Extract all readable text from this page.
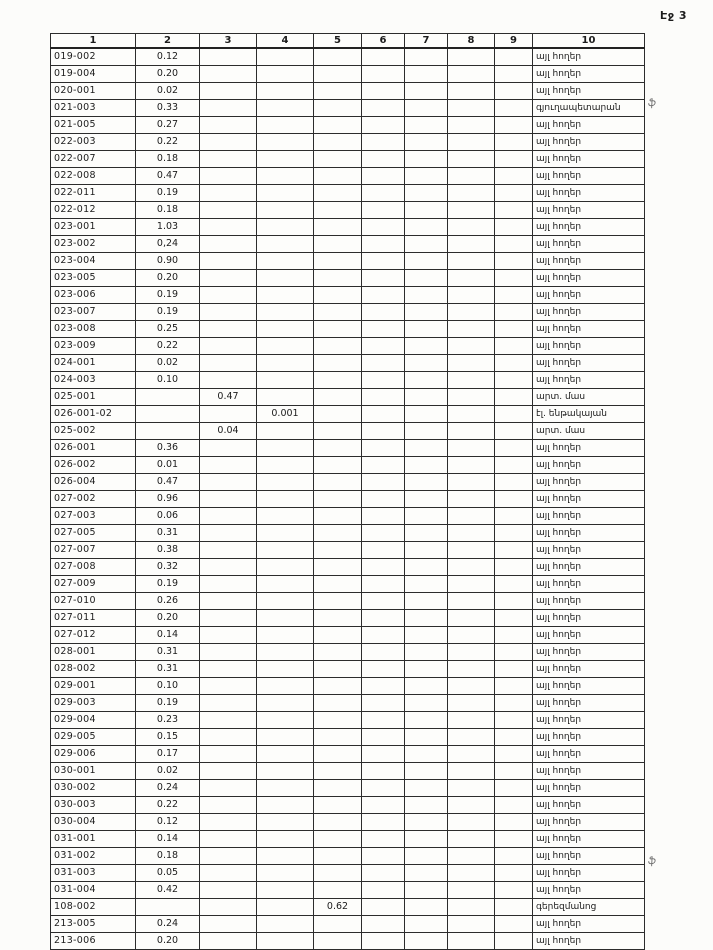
Էջ 3
1	2	3	4	5	6	7	8	9	10
019-002	0.12								այլ հողեր
019-004	0.20								այլ հողեր
020-001	0.02								այլ հողեր
021-003	0.33								գյուղապետարան
021-005	0.27								այլ հողեր
022-003	0.22								այլ հողեր
022-007	0.18								այլ հողեր
022-008	0.47								այլ հողեր
022-011	0.19								այլ հողեր
022-012	0.18								այլ հողեր
023-001	1.03								այլ հողեր
023-002	0,24								այլ հողեր
023-004	0.90								այլ հողեր
023-005	0.20								այլ հողեր
023-006	0.19								այլ հողեր
023-007	0.19								այլ հողեր
023-008	0.25								այլ հողեր
023-009	0.22								այլ հողեր
024-001	0.02								այլ հողեր
024-003	0.10								այլ հողեր
025-001		0.47							արտ. մաս
026-001-02			0.001						էլ. ենթակայան
025-002		0.04							արտ. մաս
026-001	0.36								այլ հողեր
026-002	0.01								այլ հողեր
026-004	0.47								այլ հողեր
027-002	0.96								այլ հողեր
027-003	0.06								այլ հողեր
027-005	0.31								այլ հողեր
027-007	0.38								այլ հողեր
027-008	0.32								այլ հողեր
027-009	0.19								այլ հողեր
027-010	0.26								այլ հողեր
027-011	0.20								այլ հողեր
027-012	0.14								այլ հողեր
028-001	0.31								այլ հողեր
028-002	0.31								այլ հողեր
029-001	0.10								այլ հողեր
029-003	0.19								այլ հողեր
029-004	0.23								այլ հողեր
029-005	0.15								այլ հողեր
029-006	0.17								այլ հողեր
030-001	0.02								այլ հողեր
030-002	0.24								այլ հողեր
030-003	0.22								այլ հողեր
030-004	0.12								այլ հողեր
031-001	0.14								այլ հողեր
031-002	0.18								այլ հողեր
031-003	0.05								այլ հողեր
031-004	0.42								այլ հողեր
108-002				0.62					գերեզմանոց
213-005	0.24								այլ հողեր
213-006	0.20								այլ հողեր
ֆ
ֆ
